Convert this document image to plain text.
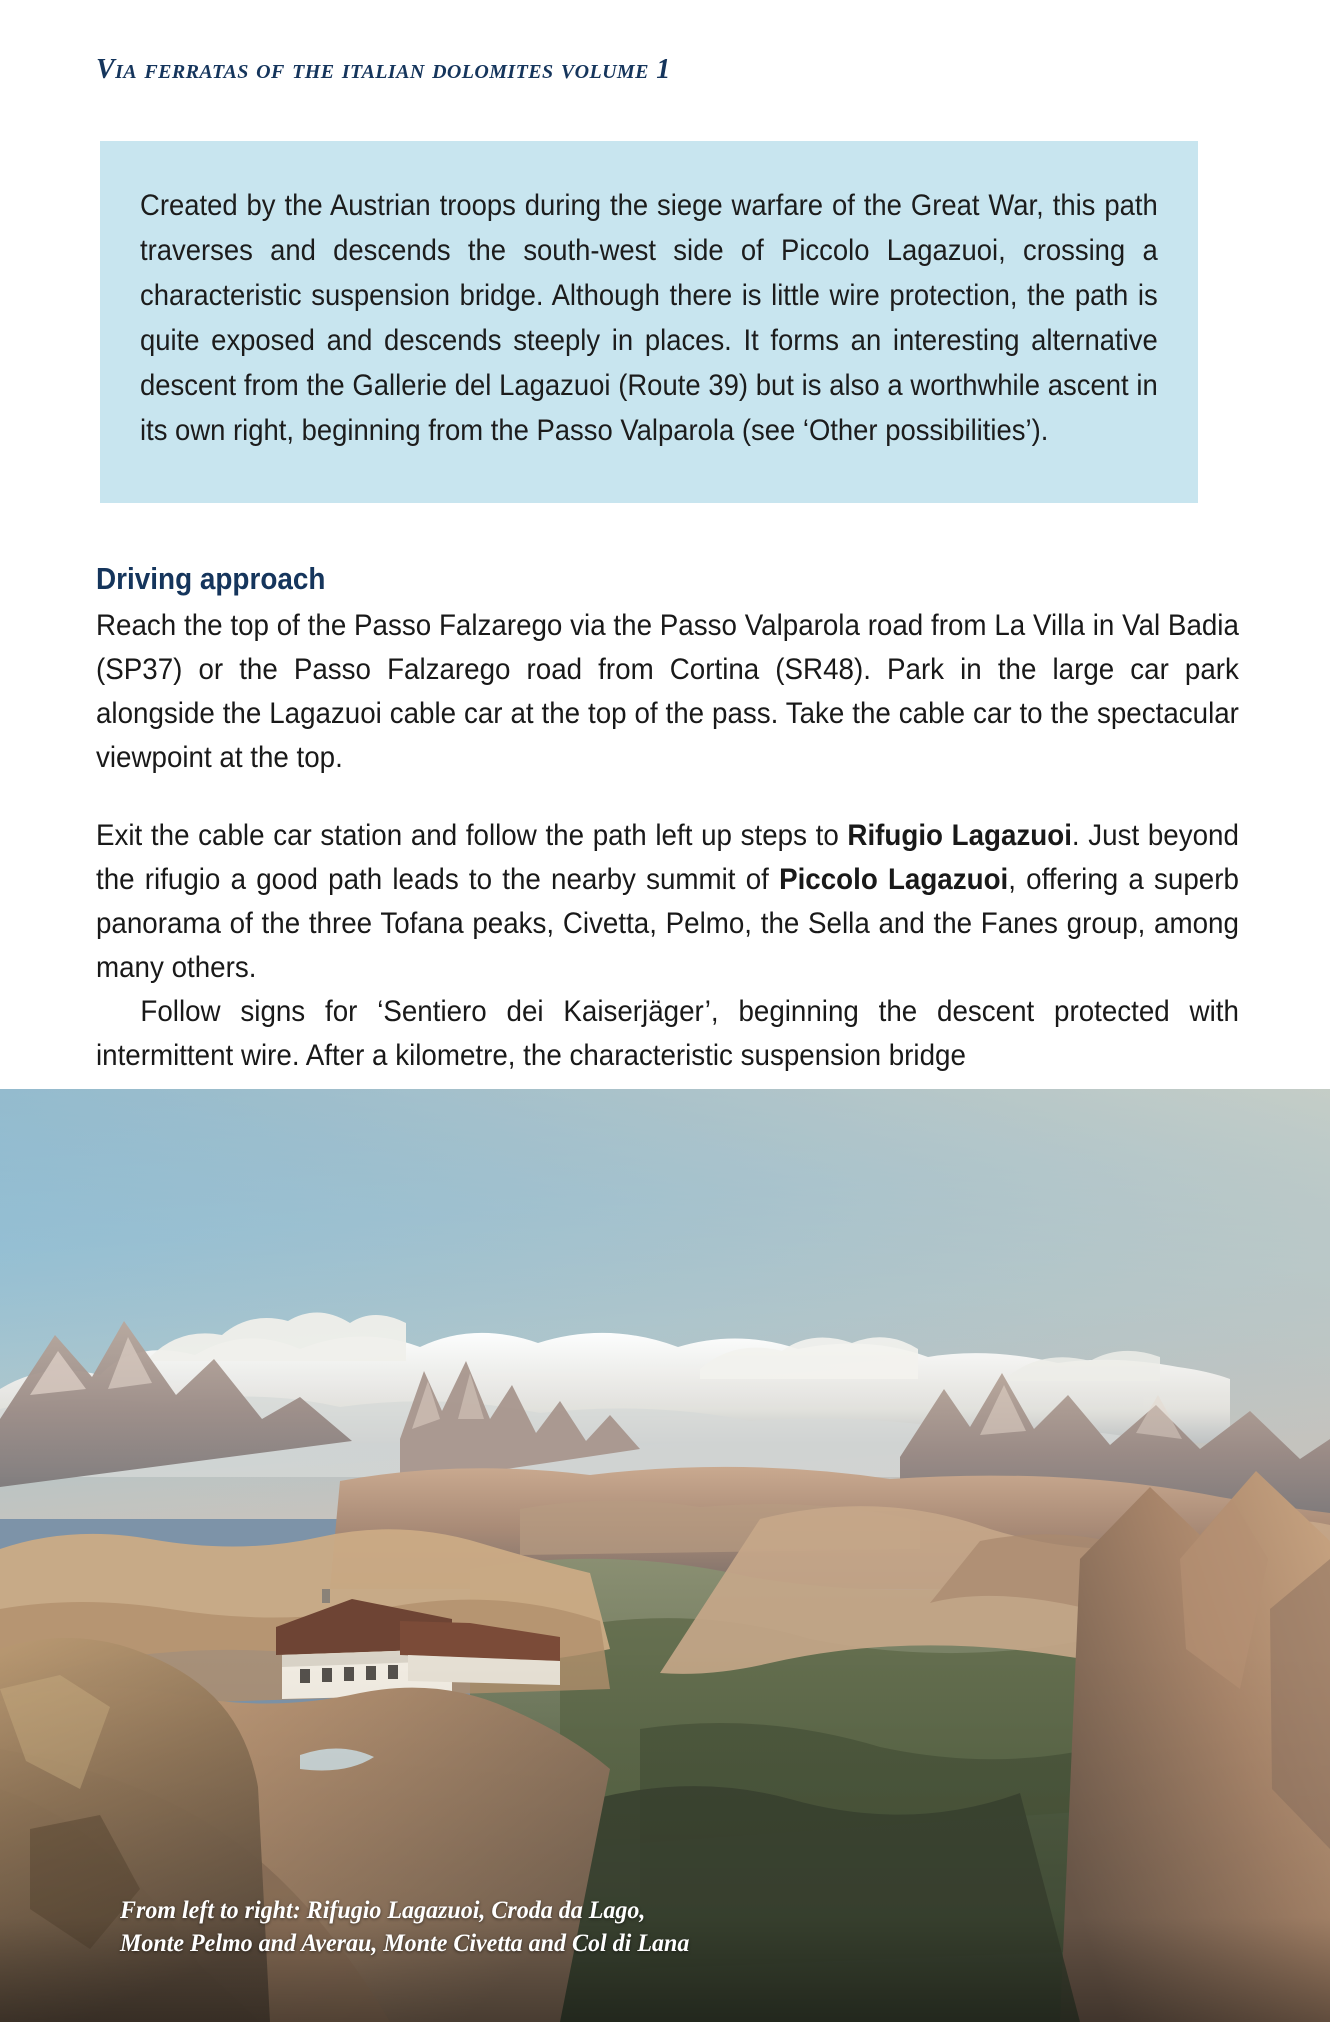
Via ferratas of the italian dolomites volume 1

Created by the Austrian troops during the siege warfare of the Great War, this path traverses and descends the south-west side of Piccolo Lagazuoi, crossing a characteristic suspension bridge. Although there is little wire protection, the path is quite exposed and descends steeply in places. It forms an interesting alternative descent from the Gallerie del Lagazuoi (Route 39) but is also a worthwhile ascent in its own right, beginning from the Passo Valparola (see ‘Other possibilities’).

Driving approach

Reach the top of the Passo Falzarego via the Passo Valparola road from La Villa in Val Badia (SP37) or the Passo Falzarego road from Cortina (SR48). Park in the large car park alongside the Lagazuoi cable car at the top of the pass. Take the cable car to the spectacular viewpoint at the top.

Exit the cable car station and follow the path left up steps to Rifugio Lagazuoi. Just beyond the rifugio a good path leads to the nearby summit of Piccolo Lagazuoi, offering a superb panorama of the three Tofana peaks, Civetta, Pelmo, the Sella and the Fanes group, among many others.

Follow signs for ‘Sentiero dei Kaiserjäger’, beginning the descent protected with intermittent wire. After a kilometre, the characteristic suspension bridge

From left to right: Rifugio Lagazuoi, Croda da Lago, Monte Pelmo and Averau, Monte Civetta and Col di Lana
